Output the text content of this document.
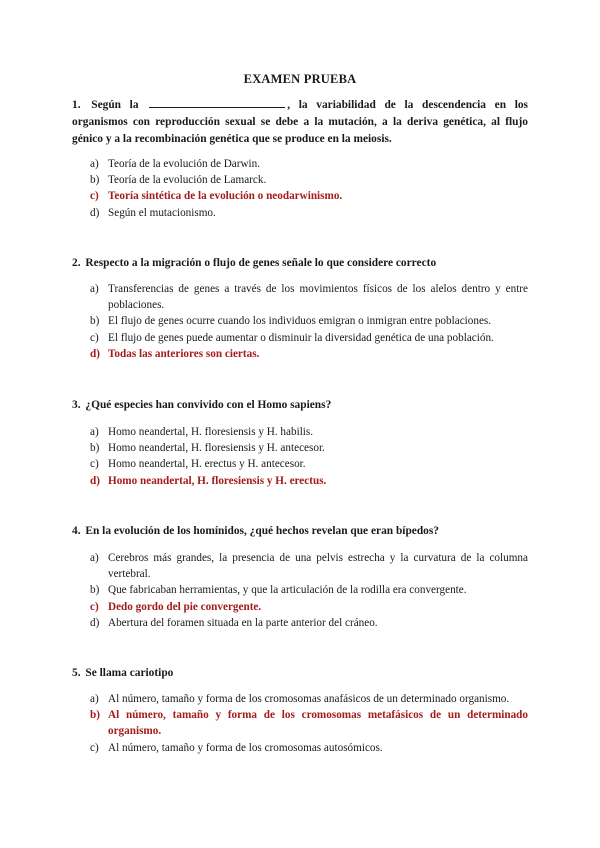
EXAMEN PRUEBA
1. Según la	, la variabilidad de la descendencia en los organismos con reproducción sexual se debe a la mutación, a la deriva genética, al flujo génico y a la recombinación genética que se produce en la meiosis.
a) Teoría de la evolución de Darwin.
b) Teoría de la evolución de Lamarck.
c) Teoría sintética de la evolución o neodarwinismo.
d) Según el mutacionismo.
2. Respecto a la migración o flujo de genes señale lo que considere correcto
a) Transferencias de genes a través de los movimientos físicos de los alelos dentro y entre poblaciones.
b) El flujo de genes ocurre cuando los individuos emigran o inmigran entre poblaciones.
c) El flujo de genes puede aumentar o disminuir la diversidad genética de una población.
d) Todas las anteriores son ciertas.
3. ¿Qué especies han convivido con el Homo sapiens?
a) Homo neandertal, H. floresiensis y H. habilis.
b) Homo neandertal, H. floresiensis y H. antecesor.
c) Homo neandertal, H. erectus y H. antecesor.
d) Homo neandertal, H. floresiensis y H. erectus.
4. En la evolución de los homínidos, ¿qué hechos revelan que eran bípedos?
a) Cerebros más grandes, la presencia de una pelvis estrecha y la curvatura de la columna vertebral.
b) Que fabricaban herramientas, y que la articulación de la rodilla era convergente.
c) Dedo gordo del pie convergente.
d) Abertura del foramen situada en la parte anterior del cráneo.
5. Se llama cariotipo
a) Al número, tamaño y forma de los cromosomas anafásicos de un determinado organismo.
b) Al número, tamaño y forma de los cromosomas metafásicos de un determinado organismo.
c) Al número, tamaño y forma de los cromosomas autosómicos.
